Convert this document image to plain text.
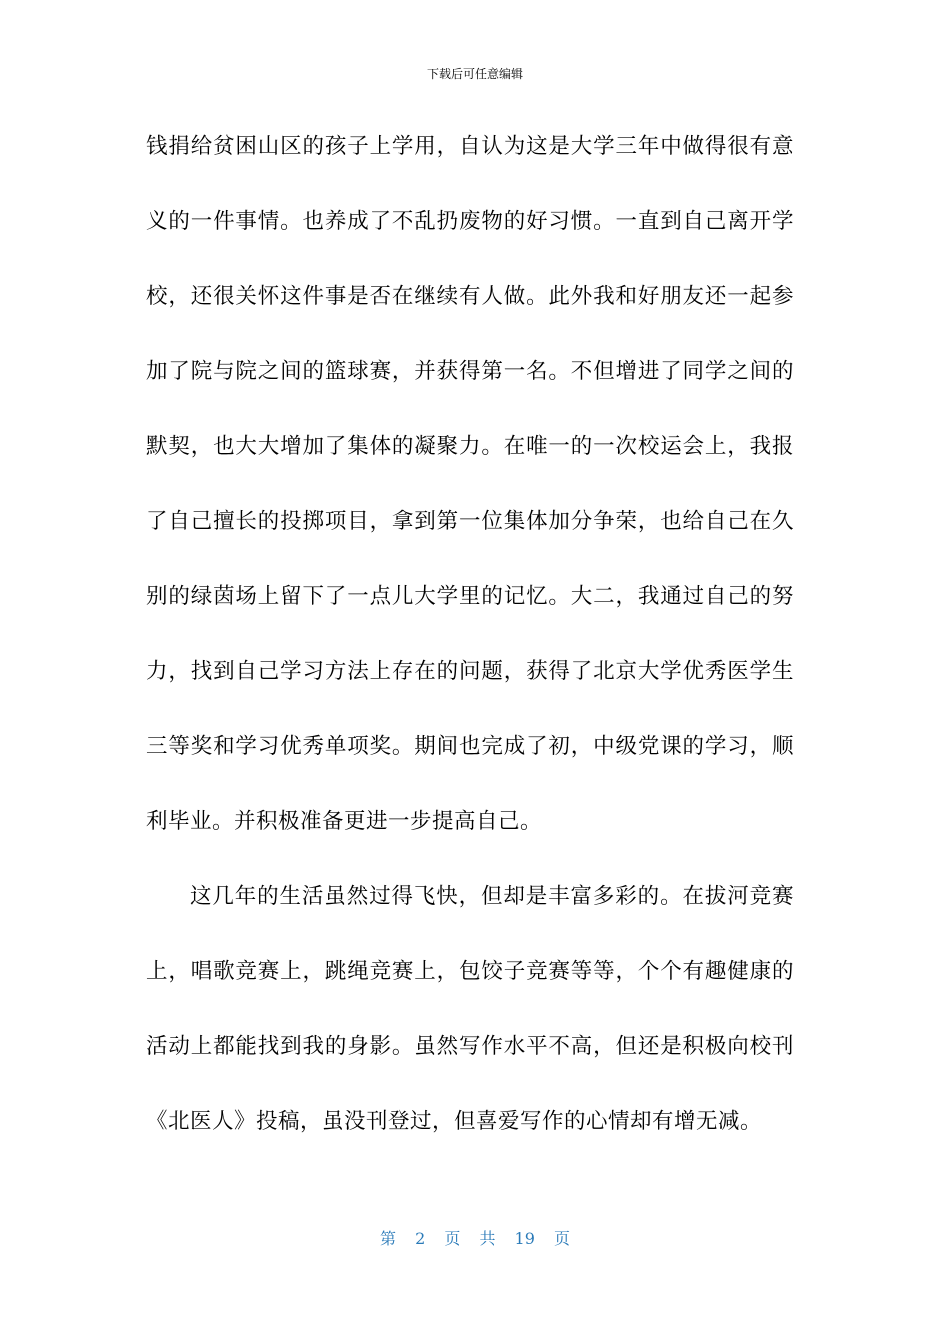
下载后可任意编辑
钱捐给贫困山区的孩子上学用，自认为这是大学三年中做得很有意
义的一件事情。也养成了不乱扔废物的好习惯。一直到自己离开学
校，还很关怀这件事是否在继续有人做。此外我和好朋友还一起参
加了院与院之间的篮球赛，并获得第一名。不但增进了同学之间的
默契，也大大增加了集体的凝聚力。在唯一的一次校运会上，我报
了自己擅长的投掷项目，拿到第一位集体加分争荣，也给自己在久
别的绿茵场上留下了一点儿大学里的记忆。大二，我通过自己的努
力，找到自己学习方法上存在的问题，获得了北京大学优秀医学生
三等奖和学习优秀单项奖。期间也完成了初，中级党课的学习，顺
利毕业。并积极准备更进一步提高自己。
这几年的生活虽然过得飞快，但却是丰富多彩的。在拔河竞赛
上，唱歌竞赛上，跳绳竞赛上，包饺子竞赛等等，个个有趣健康的
活动上都能找到我的身影。虽然写作水平不高，但还是积极向校刊
《北医人》投稿，虽没刊登过，但喜爱写作的心情却有增无减。
第 2 页 共 19 页
